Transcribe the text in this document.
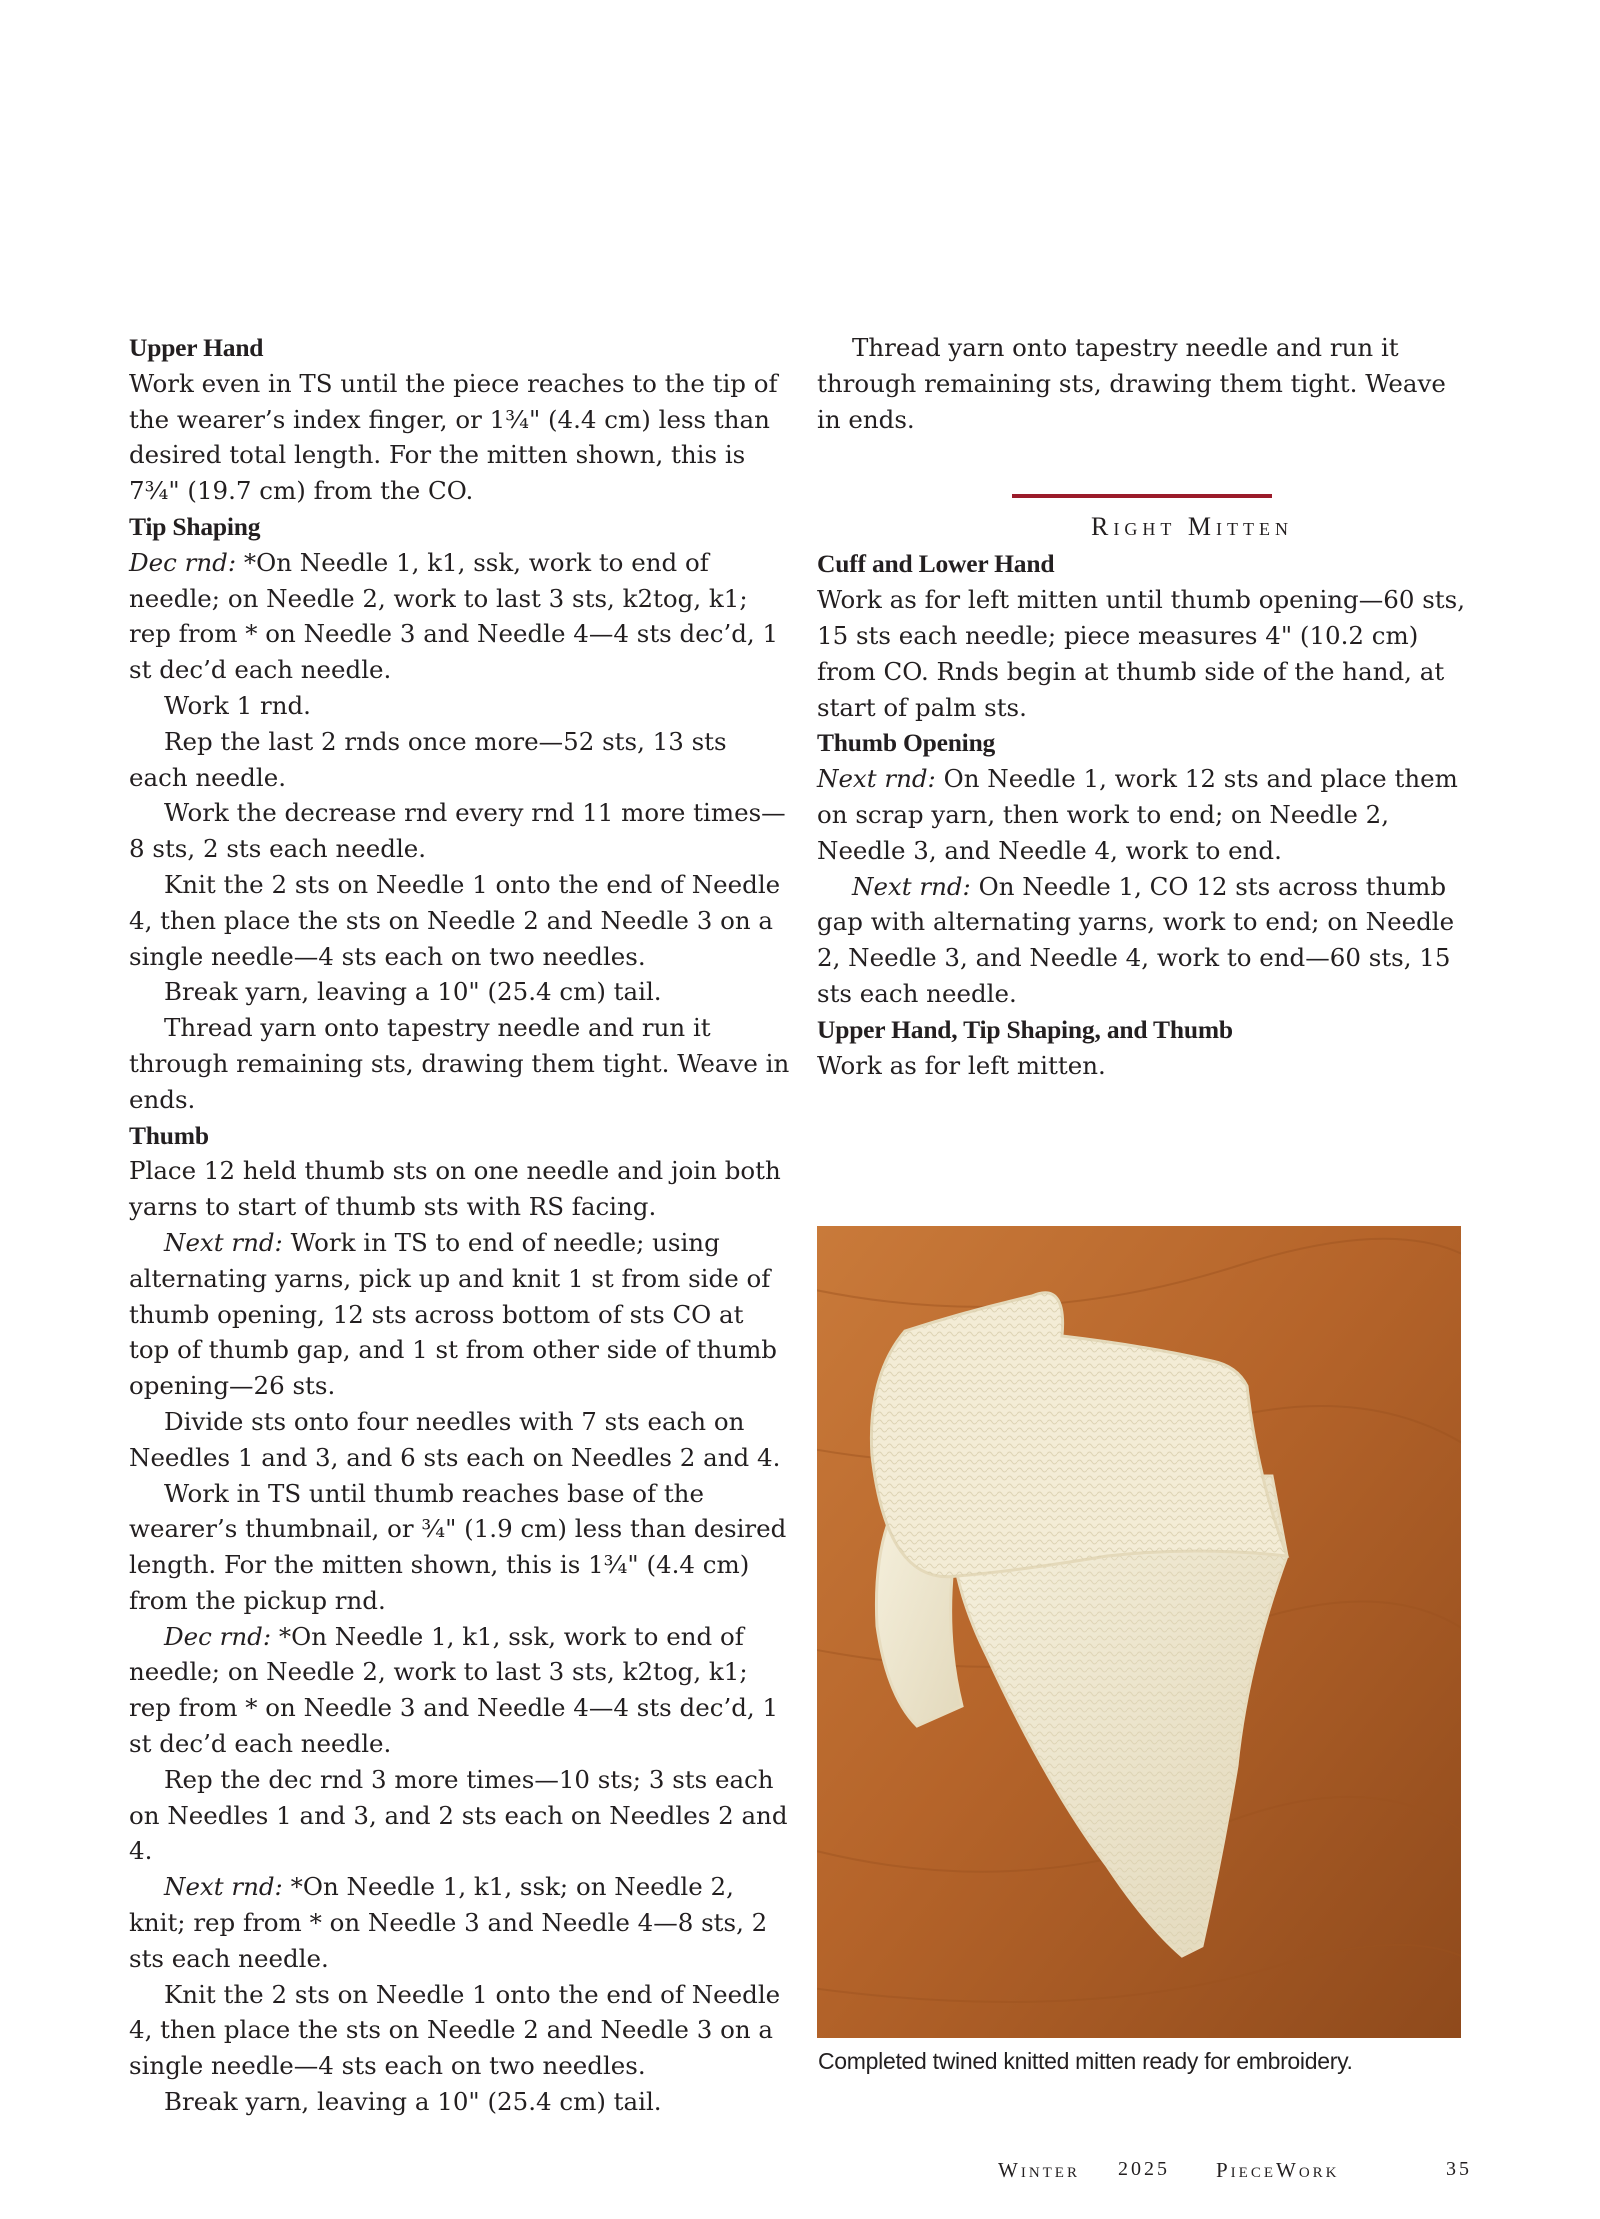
Upper Hand

Work even in TS until the piece reaches to the tip of the wearer’s index finger, or 1¾" (4.4 cm) less than desired total length. For the mitten shown, this is 7¾" (19.7 cm) from the CO.

Tip Shaping

Dec rnd: *On Needle 1, k1, ssk, work to end of needle; on Needle 2, work to last 3 sts, k2tog, k1; rep from * on Needle 3 and Needle 4—4 sts dec’d, 1 st dec’d each needle.

Work 1 rnd.

Rep the last 2 rnds once more—52 sts, 13 sts each needle.

Work the decrease rnd every rnd 11 more times—8 sts, 2 sts each needle.

Knit the 2 sts on Needle 1 onto the end of Needle 4, then place the sts on Needle 2 and Needle 3 on a single needle—4 sts each on two needles.

Break yarn, leaving a 10" (25.4 cm) tail.

Thread yarn onto tapestry needle and run it through remaining sts, drawing them tight. Weave in ends.

Thumb

Place 12 held thumb sts on one needle and join both yarns to start of thumb sts with RS facing.

Next rnd: Work in TS to end of needle; using alternating yarns, pick up and knit 1 st from side of thumb opening, 12 sts across bottom of sts CO at top of thumb gap, and 1 st from other side of thumb opening—26 sts.

Divide sts onto four needles with 7 sts each on Needles 1 and 3, and 6 sts each on Needles 2 and 4.

Work in TS until thumb reaches base of the wearer’s thumbnail, or ¾" (1.9 cm) less than desired length. For the mitten shown, this is 1¾" (4.4 cm) from the pickup rnd.

Dec rnd: *On Needle 1, k1, ssk, work to end of needle; on Needle 2, work to last 3 sts, k2tog, k1; rep from * on Needle 3 and Needle 4—4 sts dec’d, 1 st dec’d each needle.

Rep the dec rnd 3 more times—10 sts; 3 sts each on Needles 1 and 3, and 2 sts each on Needles 2 and 4.

Next rnd: *On Needle 1, k1, ssk; on Needle 2, knit; rep from * on Needle 3 and Needle 4—8 sts, 2 sts each needle.

Knit the 2 sts on Needle 1 onto the end of Needle 4, then place the sts on Needle 2 and Needle 3 on a single needle—4 sts each on two needles.

Break yarn, leaving a 10" (25.4 cm) tail.

Thread yarn onto tapestry needle and run it through remaining sts, drawing them tight. Weave in ends.

Right Mitten

Cuff and Lower Hand

Work as for left mitten until thumb opening—60 sts, 15 sts each needle; piece measures 4" (10.2 cm) from CO. Rnds begin at thumb side of the hand, at start of palm sts.

Thumb Opening

Next rnd: On Needle 1, work 12 sts and place them on scrap yarn, then work to end; on Needle 2, Needle 3, and Needle 4, work to end.

Next rnd: On Needle 1, CO 12 sts across thumb gap with alternating yarns, work to end; on Needle 2, Needle 3, and Needle 4, work to end—60 sts, 15 sts each needle.

Upper Hand, Tip Shaping, and Thumb

Work as for left mitten.

Completed twined knitted mitten ready for embroidery.

Winter 2025 PieceWork	35
